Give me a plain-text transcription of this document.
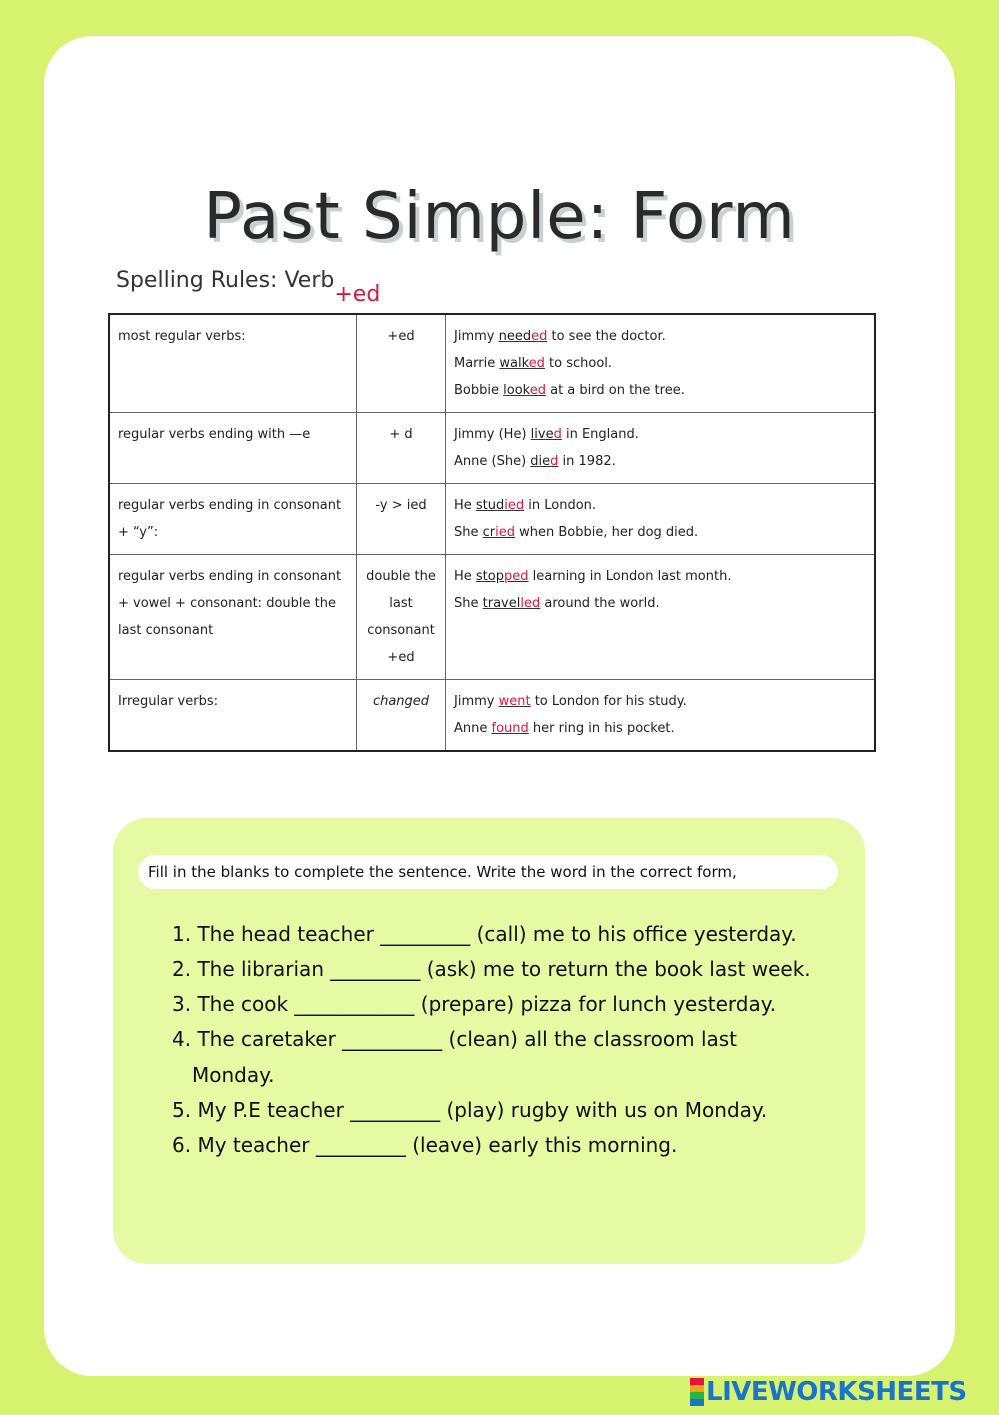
Past Simple: Form
Spelling Rules: Verb+ed
most regular verbs:	+ed	Jimmy needed to see the doctor.
Marrie walked to school.
Bobbie looked at a bird on the tree.

regular verbs ending with —e	+ d	Jimmy (He) lived in England.
Anne (She) died in 1982.

regular verbs ending in consonant + “y”:	-y > ied	He studied in London.
She cried when Bobbie, her dog died.

regular verbs ending in consonant + vowel + consonant: double the last consonant	double the last consonant +ed	He stopped learning in London last month.
She travelled around the world.

Irregular verbs:	changed	Jimmy went to London for his study.
Anne found her ring in his pocket.
Fill in the blanks to complete the sentence. Write the word in the correct form,
1. The head teacher _________ (call) me to his office yesterday.
2. The librarian _________ (ask) me to return the book last week.
3. The cook ____________ (prepare) pizza for lunch yesterday.
4. The caretaker __________ (clean) all the classroom last
Monday.
5. My P.E teacher _________ (play) rugby with us on Monday.
6. My teacher _________ (leave) early this morning.
LIVEWORKSHEETS
